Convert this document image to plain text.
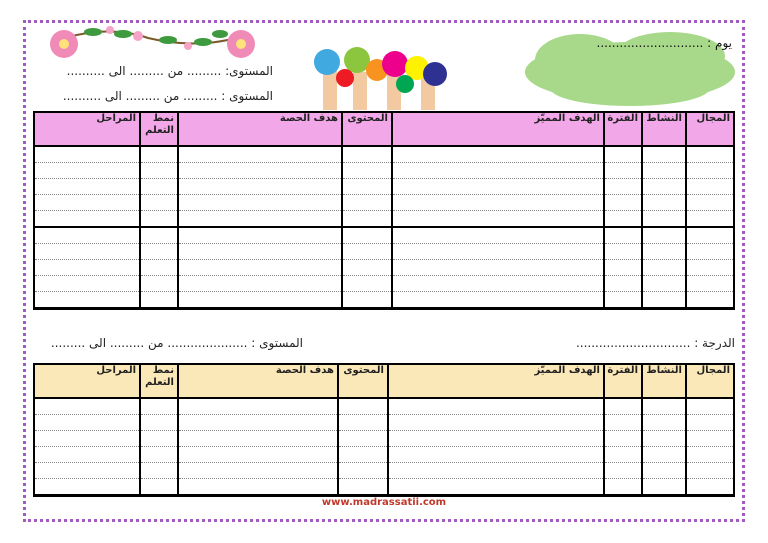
يوم : ............................
المستوى: ......... من ......... الى ..........
المستوى : ......... من ......... الى ..........
المجال	النشاط	الفترة	الهدف المميّز	المحتوى	هدف الحصة	نمط التعلم	المراحل

الدرجة : ..............................
المستوى : ..................... من ......... الى .........
المجال	النشاط	الفترة	الهدف المميّز	المحتوى	هدف الحصة	نمط التعلم	المراحل

www.madrassatii.com
